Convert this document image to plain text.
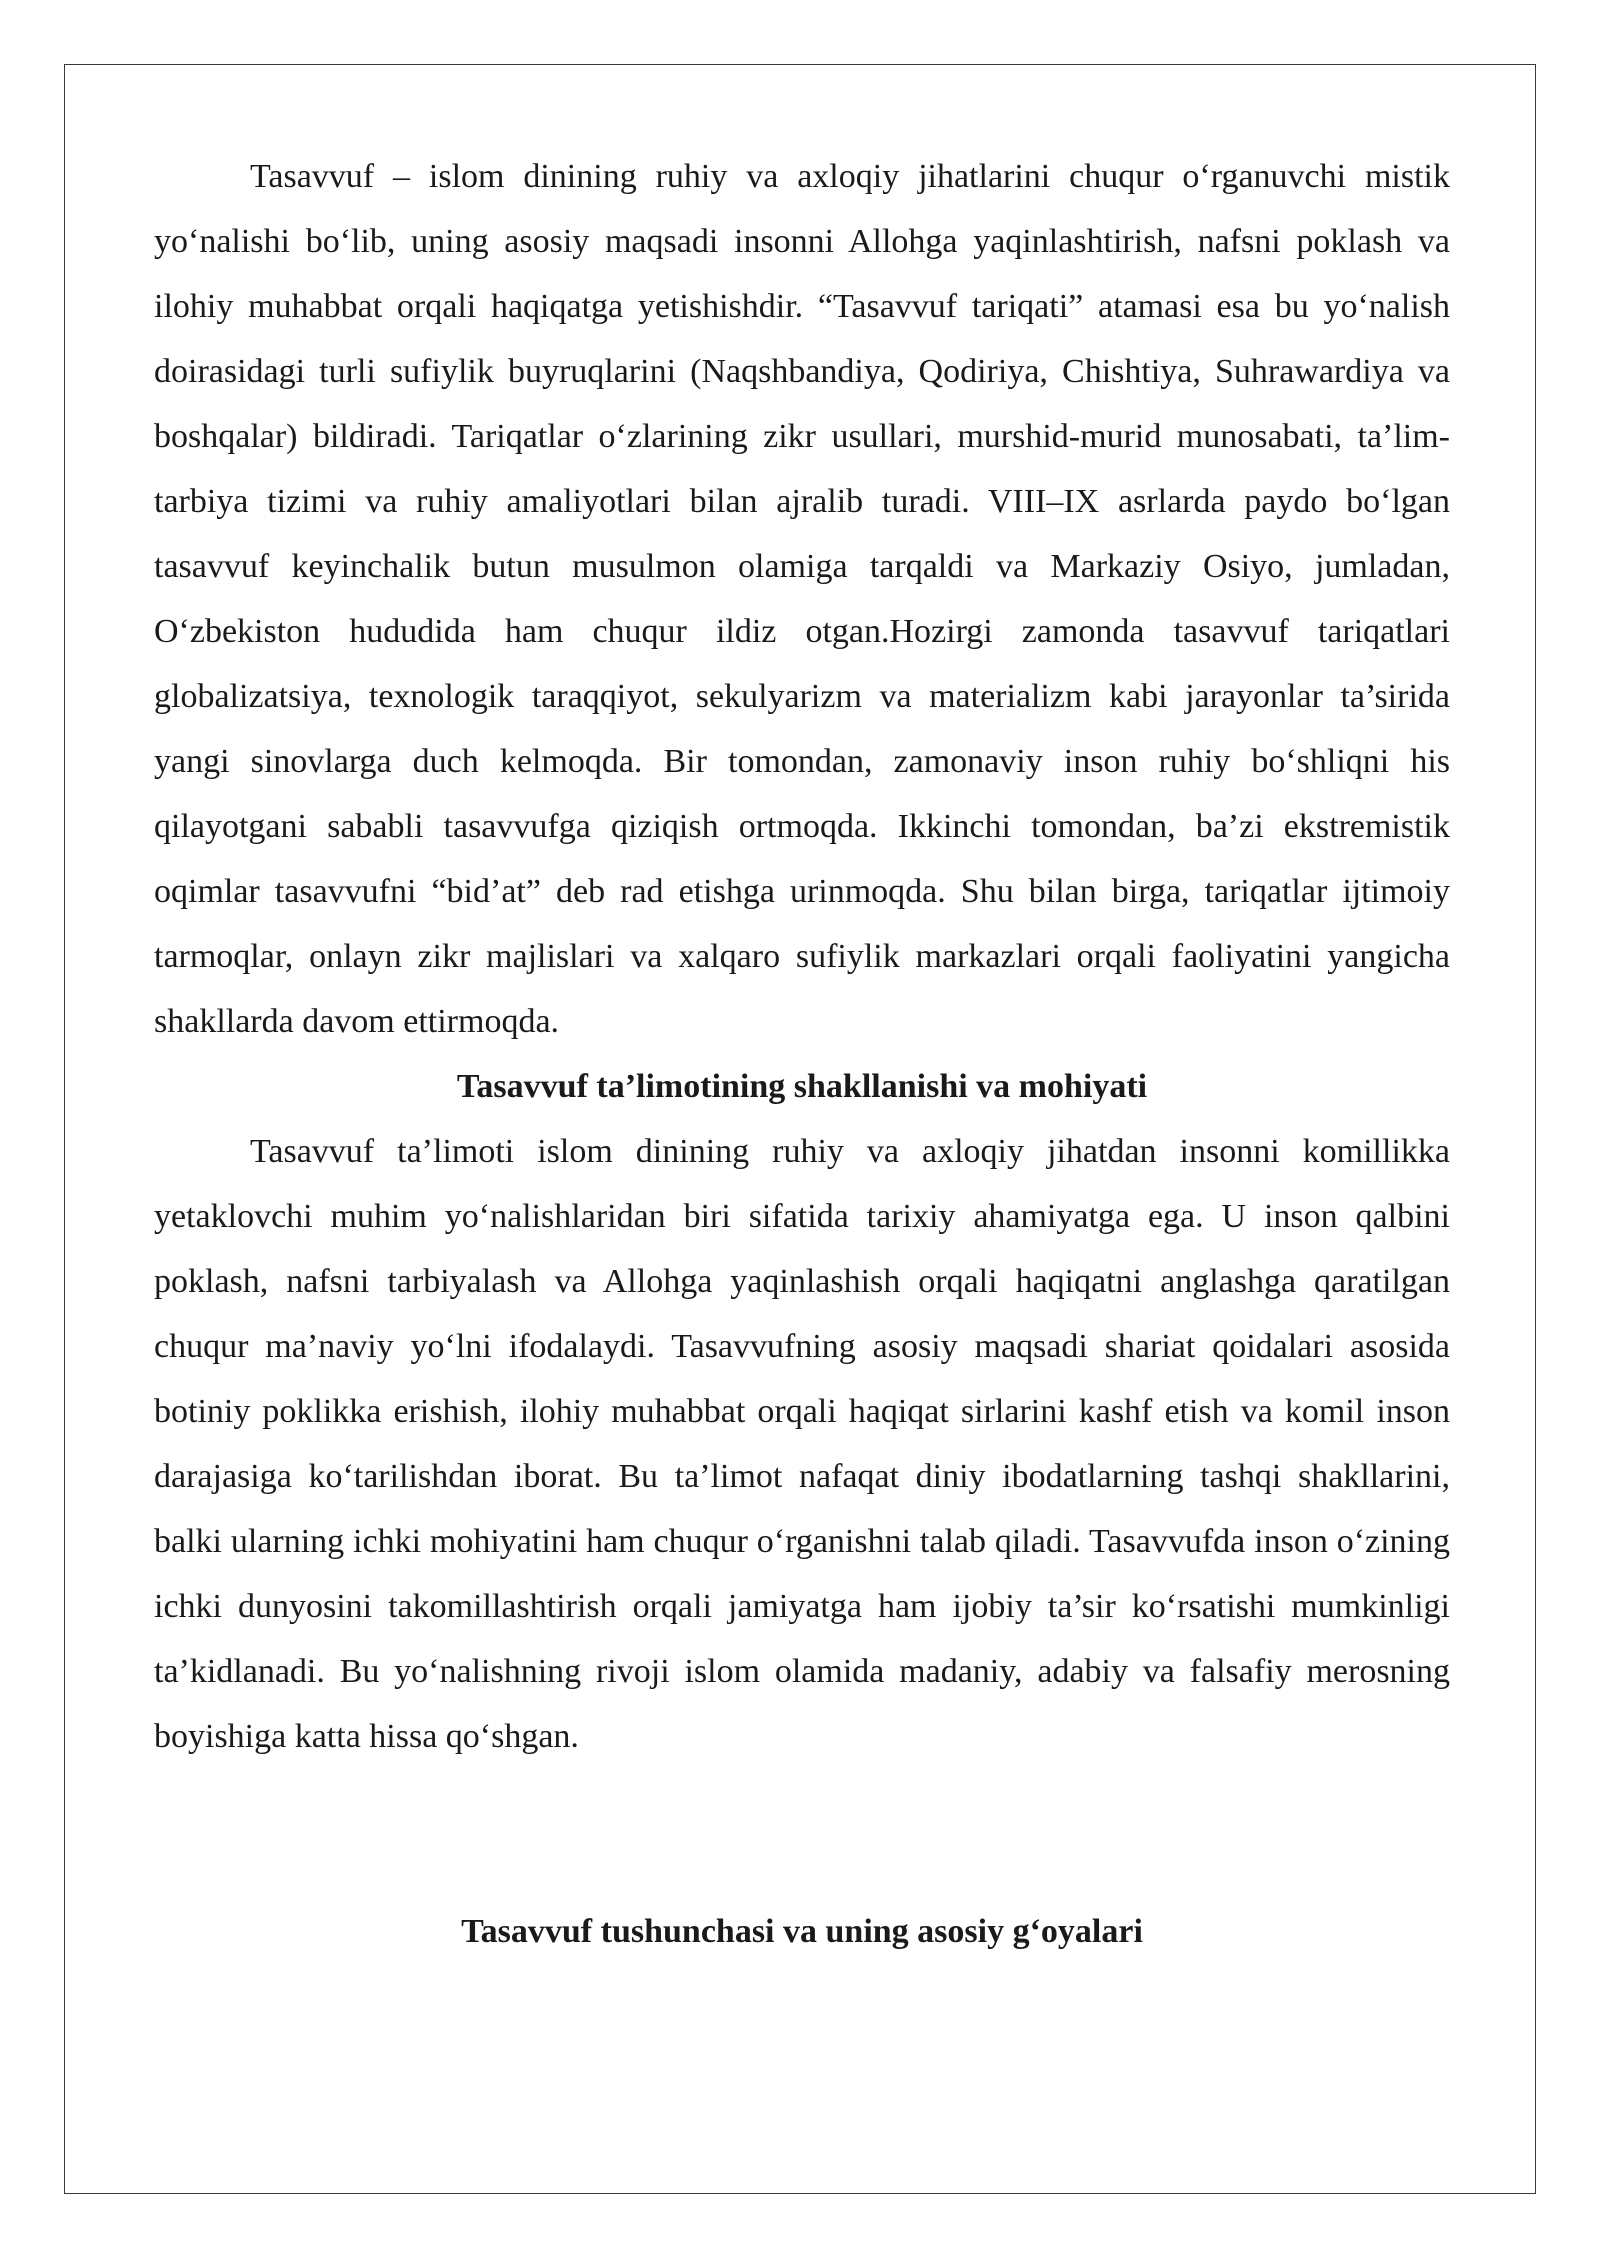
Tasavvuf – islom dinining ruhiy va axloqiy jihatlarini chuqur oʻrganuvchi mistik yoʻnalishi boʻlib, uning asosiy maqsadi insonni Allohga yaqinlashtirish, nafsni poklash va ilohiy muhabbat orqali haqiqatga yetishishdir. “Tasavvuf tariqati” atamasi esa bu yoʻnalish doirasidagi turli sufiylik buyruqlarini (Naqshbandiya, Qodiriya, Chishtiya, Suhrawardiya va boshqalar) bildiradi. Tariqatlar oʻzlarining zikr usullari, murshid-murid munosabati, ta’lim-tarbiya tizimi va ruhiy amaliyotlari bilan ajralib turadi. VIII–IX asrlarda paydo boʻlgan tasavvuf keyinchalik butun musulmon olamiga tarqaldi va Markaziy Osiyo, jumladan, Oʻzbekiston hududida ham chuqur ildiz otgan.Hozirgi zamonda tasavvuf tariqatlari globalizatsiya, texnologik taraqqiyot, sekulyarizm va materializm kabi jarayonlar ta’sirida yangi sinovlarga duch kelmoqda. Bir tomondan, zamonaviy inson ruhiy boʻshliqni his qilayotgani sababli tasavvufga qiziqish ortmoqda. Ikkinchi tomondan, ba’zi ekstremistik oqimlar tasavvufni “bid’at” deb rad etishga urinmoqda. Shu bilan birga, tariqatlar ijtimoiy tarmoqlar, onlayn zikr majlislari va xalqaro sufiylik markazlari orqali faoliyatini yangicha shakllarda davom ettirmoqda.

Tasavvuf ta’limotining shakllanishi va mohiyati

Tasavvuf ta’limoti islom dinining ruhiy va axloqiy jihatdan insonni komillikka yetaklovchi muhim yoʻnalishlaridan biri sifatida tarixiy ahamiyatga ega. U inson qalbini poklash, nafsni tarbiyalash va Allohga yaqinlashish orqali haqiqatni anglashga qaratilgan chuqur ma’naviy yoʻlni ifodalaydi. Tasavvufning asosiy maqsadi shariat qoidalari asosida botiniy poklikka erishish, ilohiy muhabbat orqali haqiqat sirlarini kashf etish va komil inson darajasiga koʻtarilishdan iborat. Bu ta’limot nafaqat diniy ibodatlarning tashqi shakllarini, balki ularning ichki mohiyatini ham chuqur oʻrganishni talab qiladi. Tasavvufda inson oʻzining ichki dunyosini takomillashtirish orqali jamiyatga ham ijobiy ta’sir koʻrsatishi mumkinligi ta’kidlanadi. Bu yoʻnalishning rivoji islom olamida madaniy, adabiy va falsafiy merosning boyishiga katta hissa qoʻshgan.

Tasavvuf tushunchasi va uning asosiy gʻoyalari
